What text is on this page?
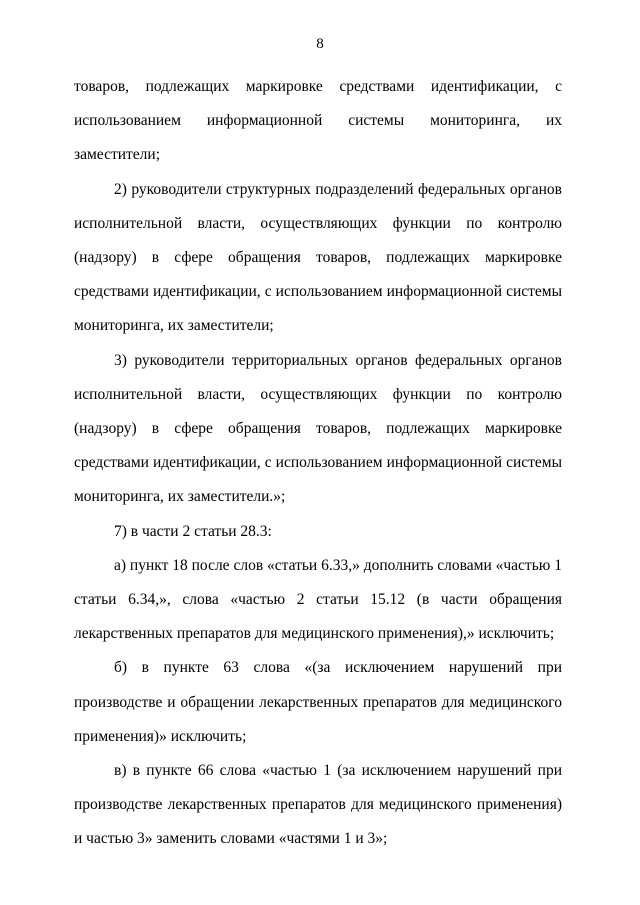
8

товаров, подлежащих маркировке средствами идентификации, с использованием информационной системы мониторинга, их заместители;

2) руководители структурных подразделений федеральных органов исполнительной власти, осуществляющих функции по контролю (надзору) в сфере обращения товаров, подлежащих маркировке средствами идентификации, с использованием информационной системы мониторинга, их заместители;

3) руководители территориальных органов федеральных органов исполнительной власти, осуществляющих функции по контролю (надзору) в сфере обращения товаров, подлежащих маркировке средствами идентификации, с использованием информационной системы мониторинга, их заместители.»;

7) в части 2 статьи 28.3:

а) пункт 18 после слов «статьи 6.33,» дополнить словами «частью 1 статьи 6.34,», слова «частью 2 статьи 15.12 (в части обращения лекарственных препаратов для медицинского применения),» исключить;

б) в пункте 63 слова «(за исключением нарушений при производстве и обращении лекарственных препаратов для медицинского применения)» исключить;

в) в пункте 66 слова «частью 1 (за исключением нарушений при производстве лекарственных препаратов для медицинского применения) и частью 3» заменить словами «частями 1 и 3»;
